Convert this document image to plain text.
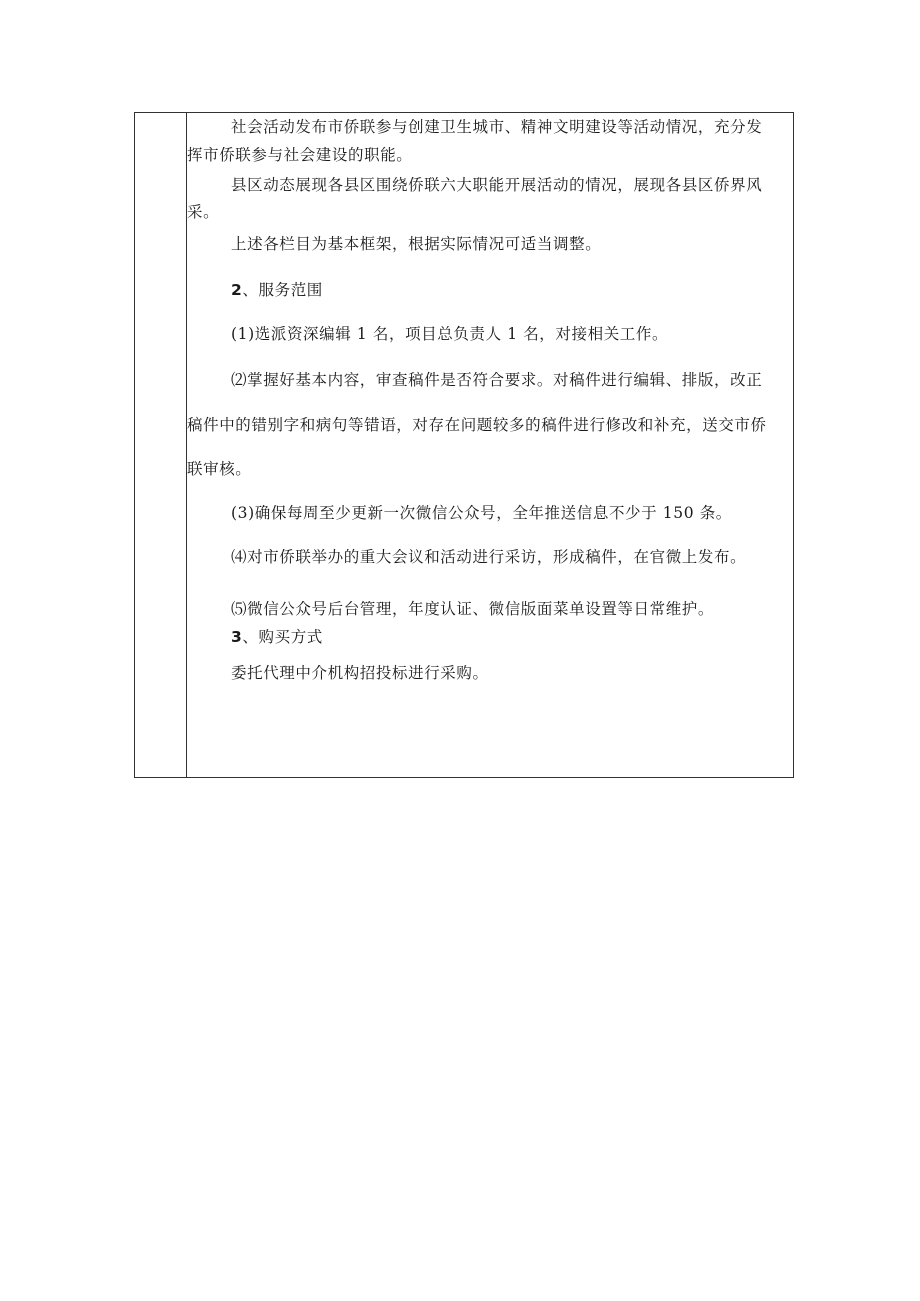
社会活动发布市侨联参与创建卫生城市、精神文明建设等活动情况，充分发
挥市侨联参与社会建设的职能。
县区动态展现各县区围绕侨联六大职能开展活动的情况，展现各县区侨界风
采。
上述各栏目为基本框架，根据实际情况可适当调整。
2、服务范围
(1)选派资深编辑 1 名，项目总负责人 1 名，对接相关工作。
⑵掌握好基本内容，审查稿件是否符合要求。对稿件进行编辑、排版，改正
稿件中的错别字和病句等错语，对存在问题较多的稿件进行修改和补充，送交市侨
联审核。
(3)确保每周至少更新一次微信公众号，全年推送信息不少于 150 条。
⑷对市侨联举办的重大会议和活动进行采访，形成稿件，在官微上发布。
⑸微信公众号后台管理，年度认证、微信版面菜单设置等日常维护。
3、购买方式
委托代理中介机构招投标进行采购。
